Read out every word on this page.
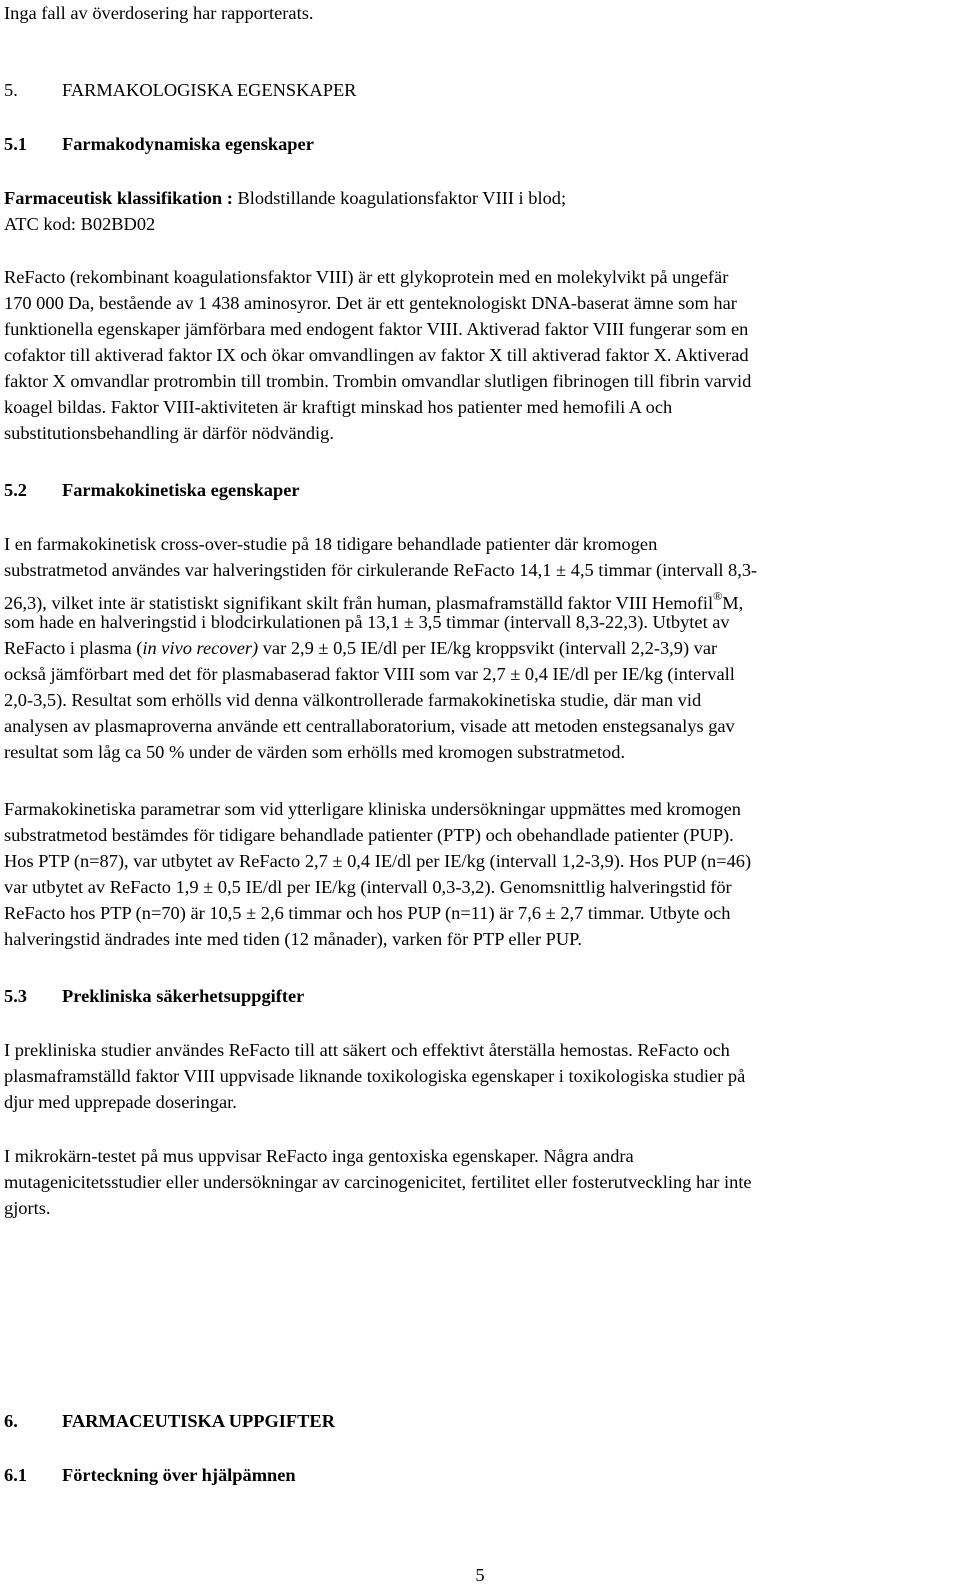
Inga fall av överdosering har rapporterats.
5. FARMAKOLOGISKA EGENSKAPER
5.1 Farmakodynamiska egenskaper
Farmaceutisk klassifikation : Blodstillande koagulationsfaktor VIII i blod;
ATC kod: B02BD02
ReFacto (rekombinant koagulationsfaktor VIII) är ett glykoprotein med en molekylvikt på ungefär
170 000 Da, bestående av 1 438 aminosyror. Det är ett genteknologiskt DNA-baserat ämne som har
funktionella egenskaper jämförbara med endogent faktor VIII. Aktiverad faktor VIII fungerar som en
cofaktor till aktiverad faktor IX och ökar omvandlingen av faktor X till aktiverad faktor X. Aktiverad
faktor X omvandlar protrombin till trombin. Trombin omvandlar slutligen fibrinogen till fibrin varvid
koagel bildas. Faktor VIII-aktiviteten är kraftigt minskad hos patienter med hemofili A och
substitutionsbehandling är därför nödvändig.
5.2 Farmakokinetiska egenskaper
I en farmakokinetisk cross-over-studie på 18 tidigare behandlade patienter där kromogen
substratmetod användes var halveringstiden för cirkulerande ReFacto 14,1 ± 4,5 timmar (intervall 8,3-
26,3), vilket inte är statistiskt signifikant skilt från human, plasmaframställd faktor VIII Hemofil®M,
som hade en halveringstid i blodcirkulationen på 13,1 ± 3,5 timmar (intervall 8,3-22,3). Utbytet av
ReFacto i plasma (in vivo recover) var 2,9 ± 0,5 IE/dl per IE/kg kroppsvikt (intervall 2,2-3,9) var
också jämförbart med det för plasmabaserad faktor VIII som var 2,7 ± 0,4 IE/dl per IE/kg (intervall
2,0-3,5). Resultat som erhölls vid denna välkontrollerade farmakokinetiska studie, där man vid
analysen av plasmaproverna använde ett centrallaboratorium, visade att metoden enstegsanalys gav
resultat som låg ca 50 % under de värden som erhölls med kromogen substratmetod.
Farmakokinetiska parametrar som vid ytterligare kliniska undersökningar uppmättes med kromogen
substratmetod bestämdes för tidigare behandlade patienter (PTP) och obehandlade patienter (PUP).
Hos PTP (n=87), var utbytet av ReFacto 2,7 ± 0,4 IE/dl per IE/kg (intervall 1,2-3,9). Hos PUP (n=46)
var utbytet av ReFacto 1,9 ± 0,5 IE/dl per IE/kg (intervall 0,3-3,2). Genomsnittlig halveringstid för
ReFacto hos PTP (n=70) är 10,5 ± 2,6 timmar och hos PUP (n=11) är 7,6 ± 2,7 timmar. Utbyte och
halveringstid ändrades inte med tiden (12 månader), varken för PTP eller PUP.
5.3 Prekliniska säkerhetsuppgifter
I prekliniska studier användes ReFacto till att säkert och effektivt återställa hemostas. ReFacto och
plasmaframställd faktor VIII uppvisade liknande toxikologiska egenskaper i toxikologiska studier på
djur med upprepade doseringar.
I mikrokärn-testet på mus uppvisar ReFacto inga gentoxiska egenskaper. Några andra
mutagenicitetsstudier eller undersökningar av carcinogenicitet, fertilitet eller fosterutveckling har inte
gjorts.
6. FARMACEUTISKA UPPGIFTER
6.1 Förteckning över hjälpämnen
5
